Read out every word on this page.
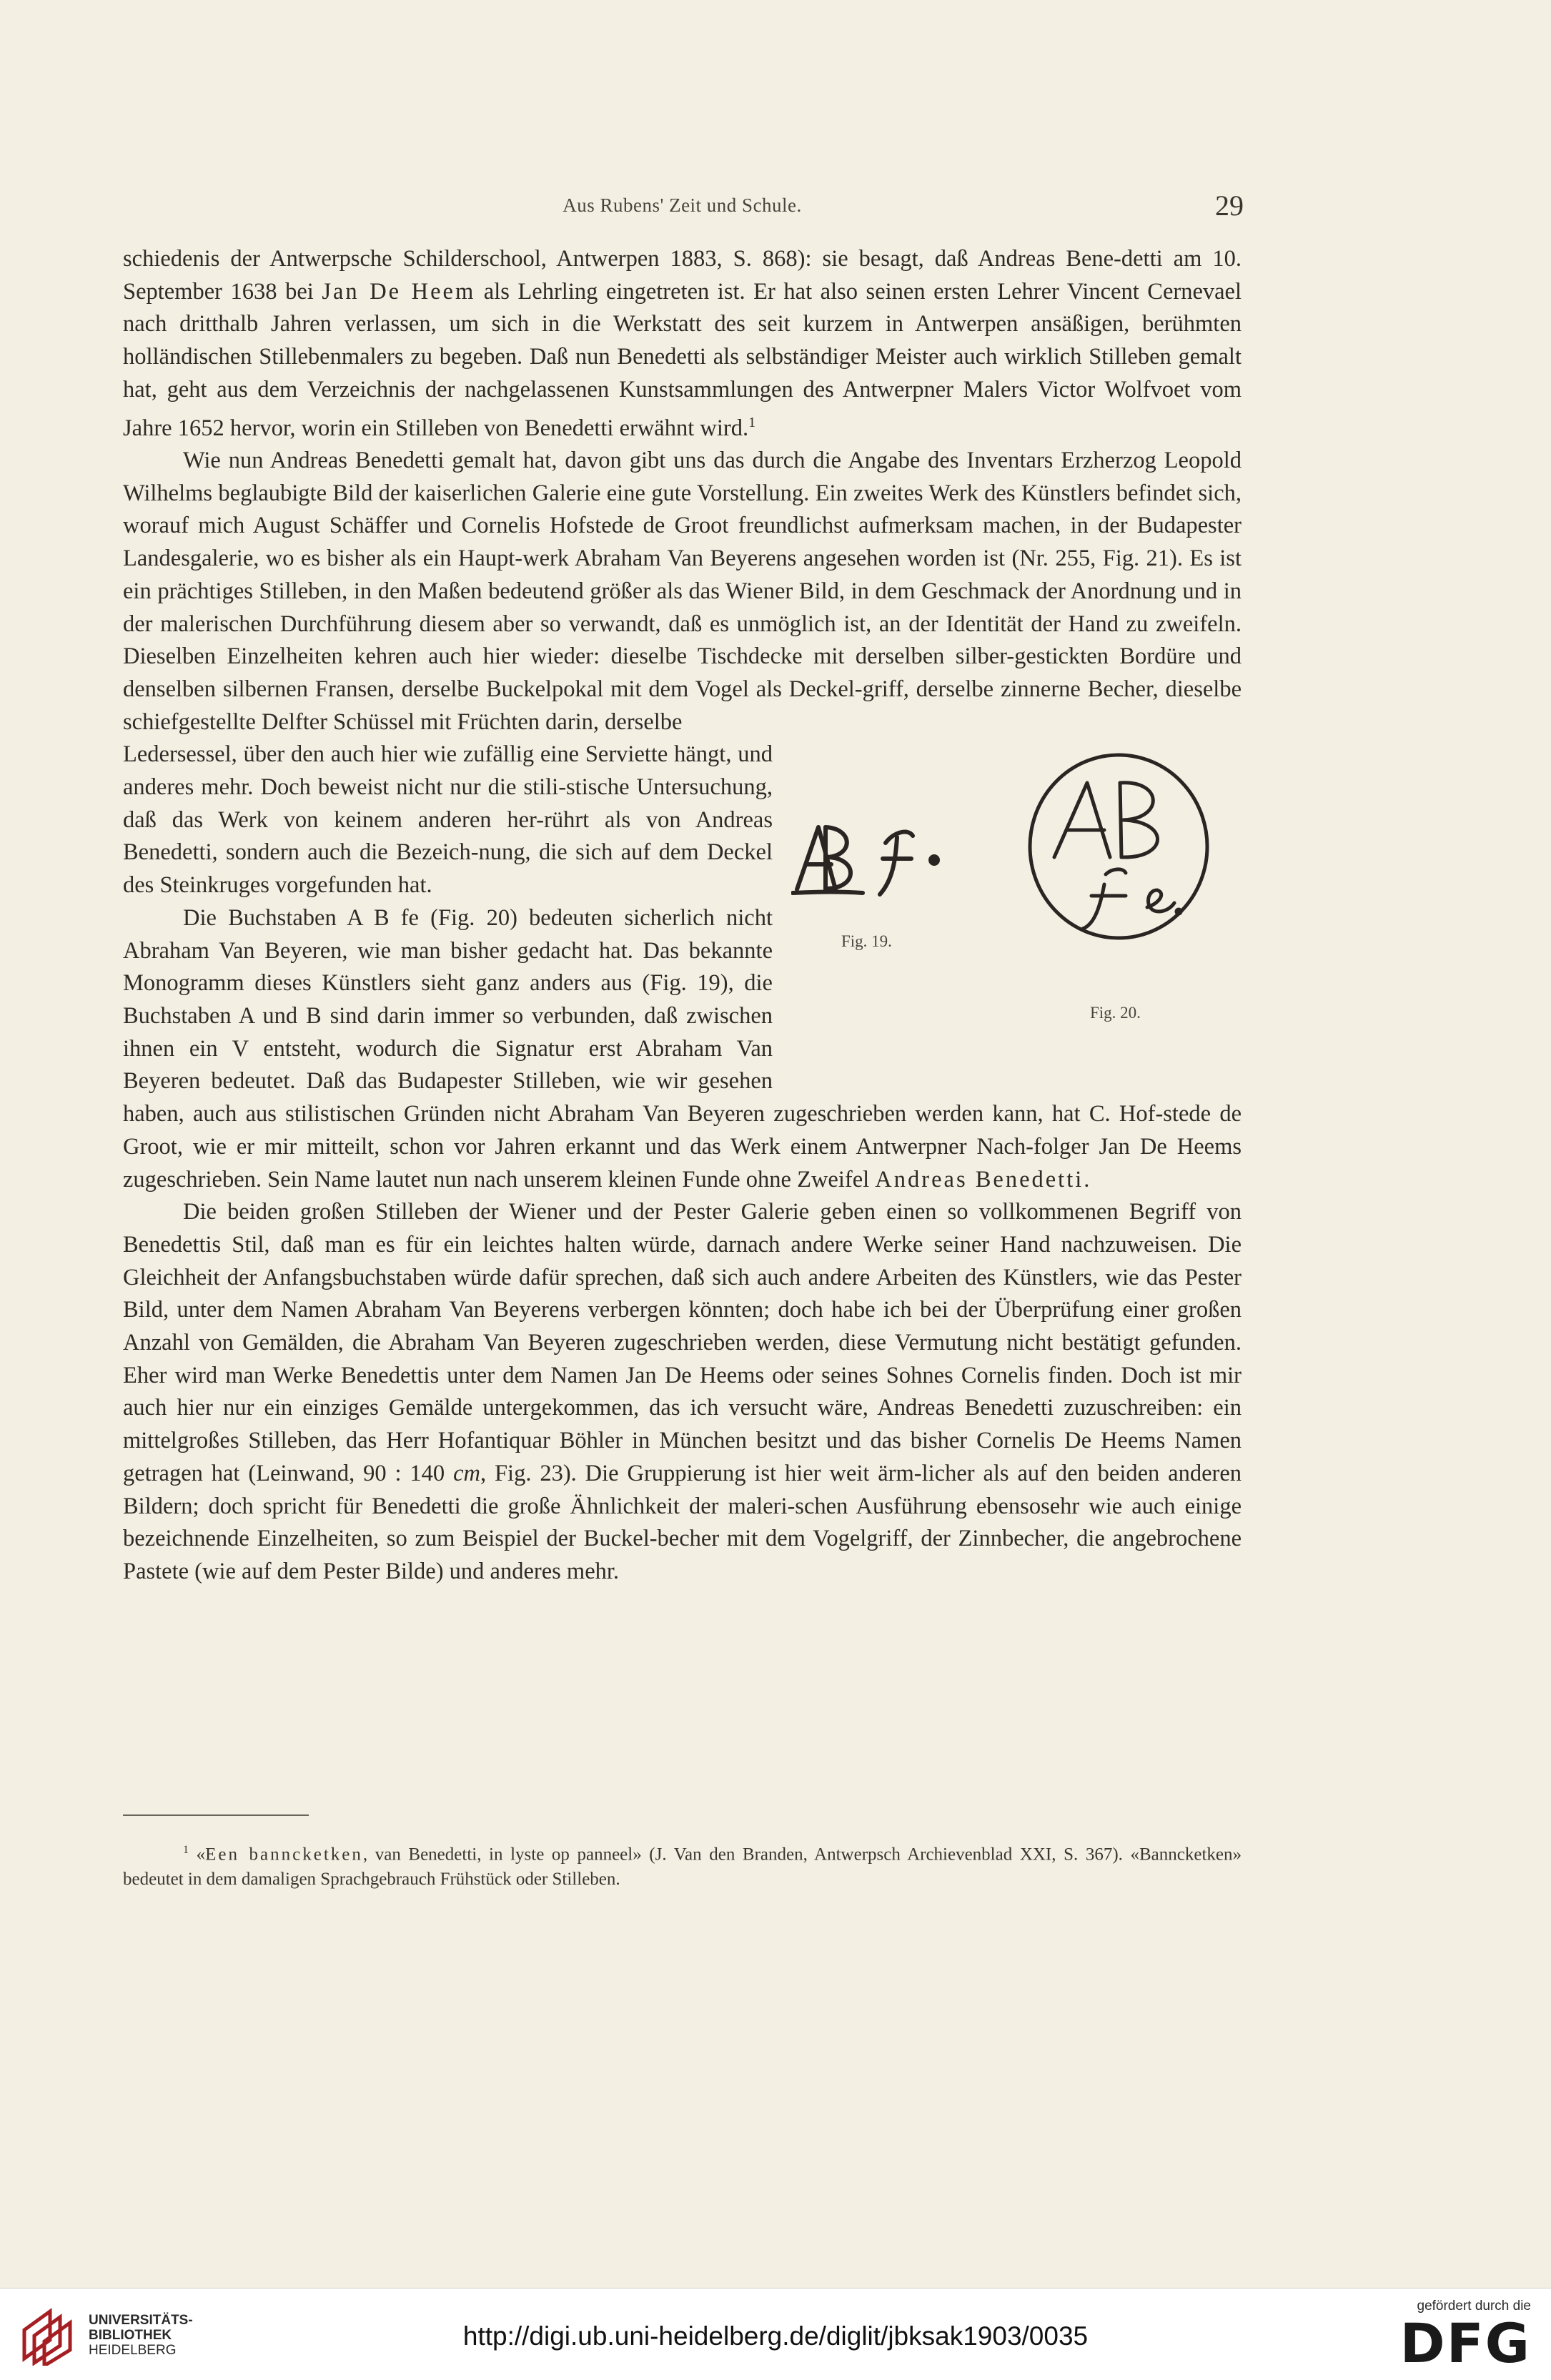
Aus Rubens' Zeit und Schule.	29

schiedenis der Antwerpsche Schilderschool, Antwerpen 1883, S. 868): sie besagt, daß Andreas Bene-detti am 10. September 1638 bei Jan De Heem als Lehrling eingetreten ist. Er hat also seinen ersten Lehrer Vincent Cernevael nach dritthalb Jahren verlassen, um sich in die Werkstatt des seit kurzem in Antwerpen ansäßigen, berühmten holländischen Stillebenmalers zu begeben. Daß nun Benedetti als selbständiger Meister auch wirklich Stilleben gemalt hat, geht aus dem Verzeichnis der nachgelassenen Kunstsammlungen des Antwerpner Malers Victor Wolfvoet vom Jahre 1652 hervor, worin ein Stilleben von Benedetti erwähnt wird.$^1$

Wie nun Andreas Benedetti gemalt hat, davon gibt uns das durch die Angabe des Inventars Erzherzog Leopold Wilhelms beglaubigte Bild der kaiserlichen Galerie eine gute Vorstellung. Ein zweites Werk des Künstlers befindet sich, worauf mich August Schäffer und Cornelis Hofstede de Groot freundlichst aufmerksam machen, in der Budapester Landesgalerie, wo es bisher als ein Haupt-werk Abraham Van Beyerens angesehen worden ist (Nr. 255, Fig. 21). Es ist ein prächtiges Stilleben, in den Maßen bedeutend größer als das Wiener Bild, in dem Geschmack der Anordnung und in der malerischen Durchführung diesem aber so verwandt, daß es unmöglich ist, an der Identität der Hand zu zweifeln. Dieselben Einzelheiten kehren auch hier wieder: dieselbe Tischdecke mit derselben silber-gestickten Bordüre und denselben silbernen Fransen, derselbe Buckelpokal mit dem Vogel als Deckel-griff, derselbe zinnerne Becher, dieselbe schiefgestellte Delfter Schüssel mit Früchten darin, derselbe

Fig. 19.
Fig. 20.

Ledersessel, über den auch hier wie zufällig eine Serviette hängt, und anderes mehr. Doch beweist nicht nur die stili-stische Untersuchung, daß das Werk von keinem anderen her-rührt als von Andreas Benedetti, sondern auch die Bezeich-nung, die sich auf dem Deckel des Steinkruges vorgefunden hat.

Die Buchstaben A B fe (Fig. 20) bedeuten sicherlich nicht Abraham Van Beyeren, wie man bisher gedacht hat. Das bekannte Monogramm dieses Künstlers sieht ganz anders aus (Fig. 19), die Buchstaben A und B sind darin immer so verbunden, daß zwischen ihnen ein V entsteht, wodurch die Signatur erst Abraham Van Beyeren bedeutet. Daß das Budapester Stilleben, wie wir gesehen haben, auch aus stilistischen Gründen nicht Abraham Van Beyeren zugeschrieben werden kann, hat C. Hof-stede de Groot, wie er mir mitteilt, schon vor Jahren erkannt und das Werk einem Antwerpner Nach-folger Jan De Heems zugeschrieben. Sein Name lautet nun nach unserem kleinen Funde ohne Zweifel Andreas Benedetti.

Die beiden großen Stilleben der Wiener und der Pester Galerie geben einen so vollkommenen Begriff von Benedettis Stil, daß man es für ein leichtes halten würde, darnach andere Werke seiner Hand nachzuweisen. Die Gleichheit der Anfangsbuchstaben würde dafür sprechen, daß sich auch andere Arbeiten des Künstlers, wie das Pester Bild, unter dem Namen Abraham Van Beyerens verbergen könnten; doch habe ich bei der Überprüfung einer großen Anzahl von Gemälden, die Abraham Van Beyeren zugeschrieben werden, diese Vermutung nicht bestätigt gefunden. Eher wird man Werke Benedettis unter dem Namen Jan De Heems oder seines Sohnes Cornelis finden. Doch ist mir auch hier nur ein einziges Gemälde untergekommen, das ich versucht wäre, Andreas Benedetti zuzuschreiben: ein mittelgroßes Stilleben, das Herr Hofantiquar Böhler in München besitzt und das bisher Cornelis De Heems Namen getragen hat (Leinwand, 90 : 140 cm, Fig. 23). Die Gruppierung ist hier weit ärm-licher als auf den beiden anderen Bildern; doch spricht für Benedetti die große Ähnlichkeit der maleri-schen Ausführung ebensosehr wie auch einige bezeichnende Einzelheiten, so zum Beispiel der Buckel-becher mit dem Vogelgriff, der Zinnbecher, die angebrochene Pastete (wie auf dem Pester Bilde) und anderes mehr.

$^1$ «Een banncketken, van Benedetti, in lyste op panneel» (J. Van den Branden, Antwerpsch Archievenblad XXI, S. 367). «Banncketken» bedeutet in dem damaligen Sprachgebrauch Frühstück oder Stilleben.

UNIVERSITÄTS-
BIBLIOTHEK
HEIDELBERG	http://digi.ub.uni-heidelberg.de/diglit/jbksak1903/0035
gefördert durch die
DFG
